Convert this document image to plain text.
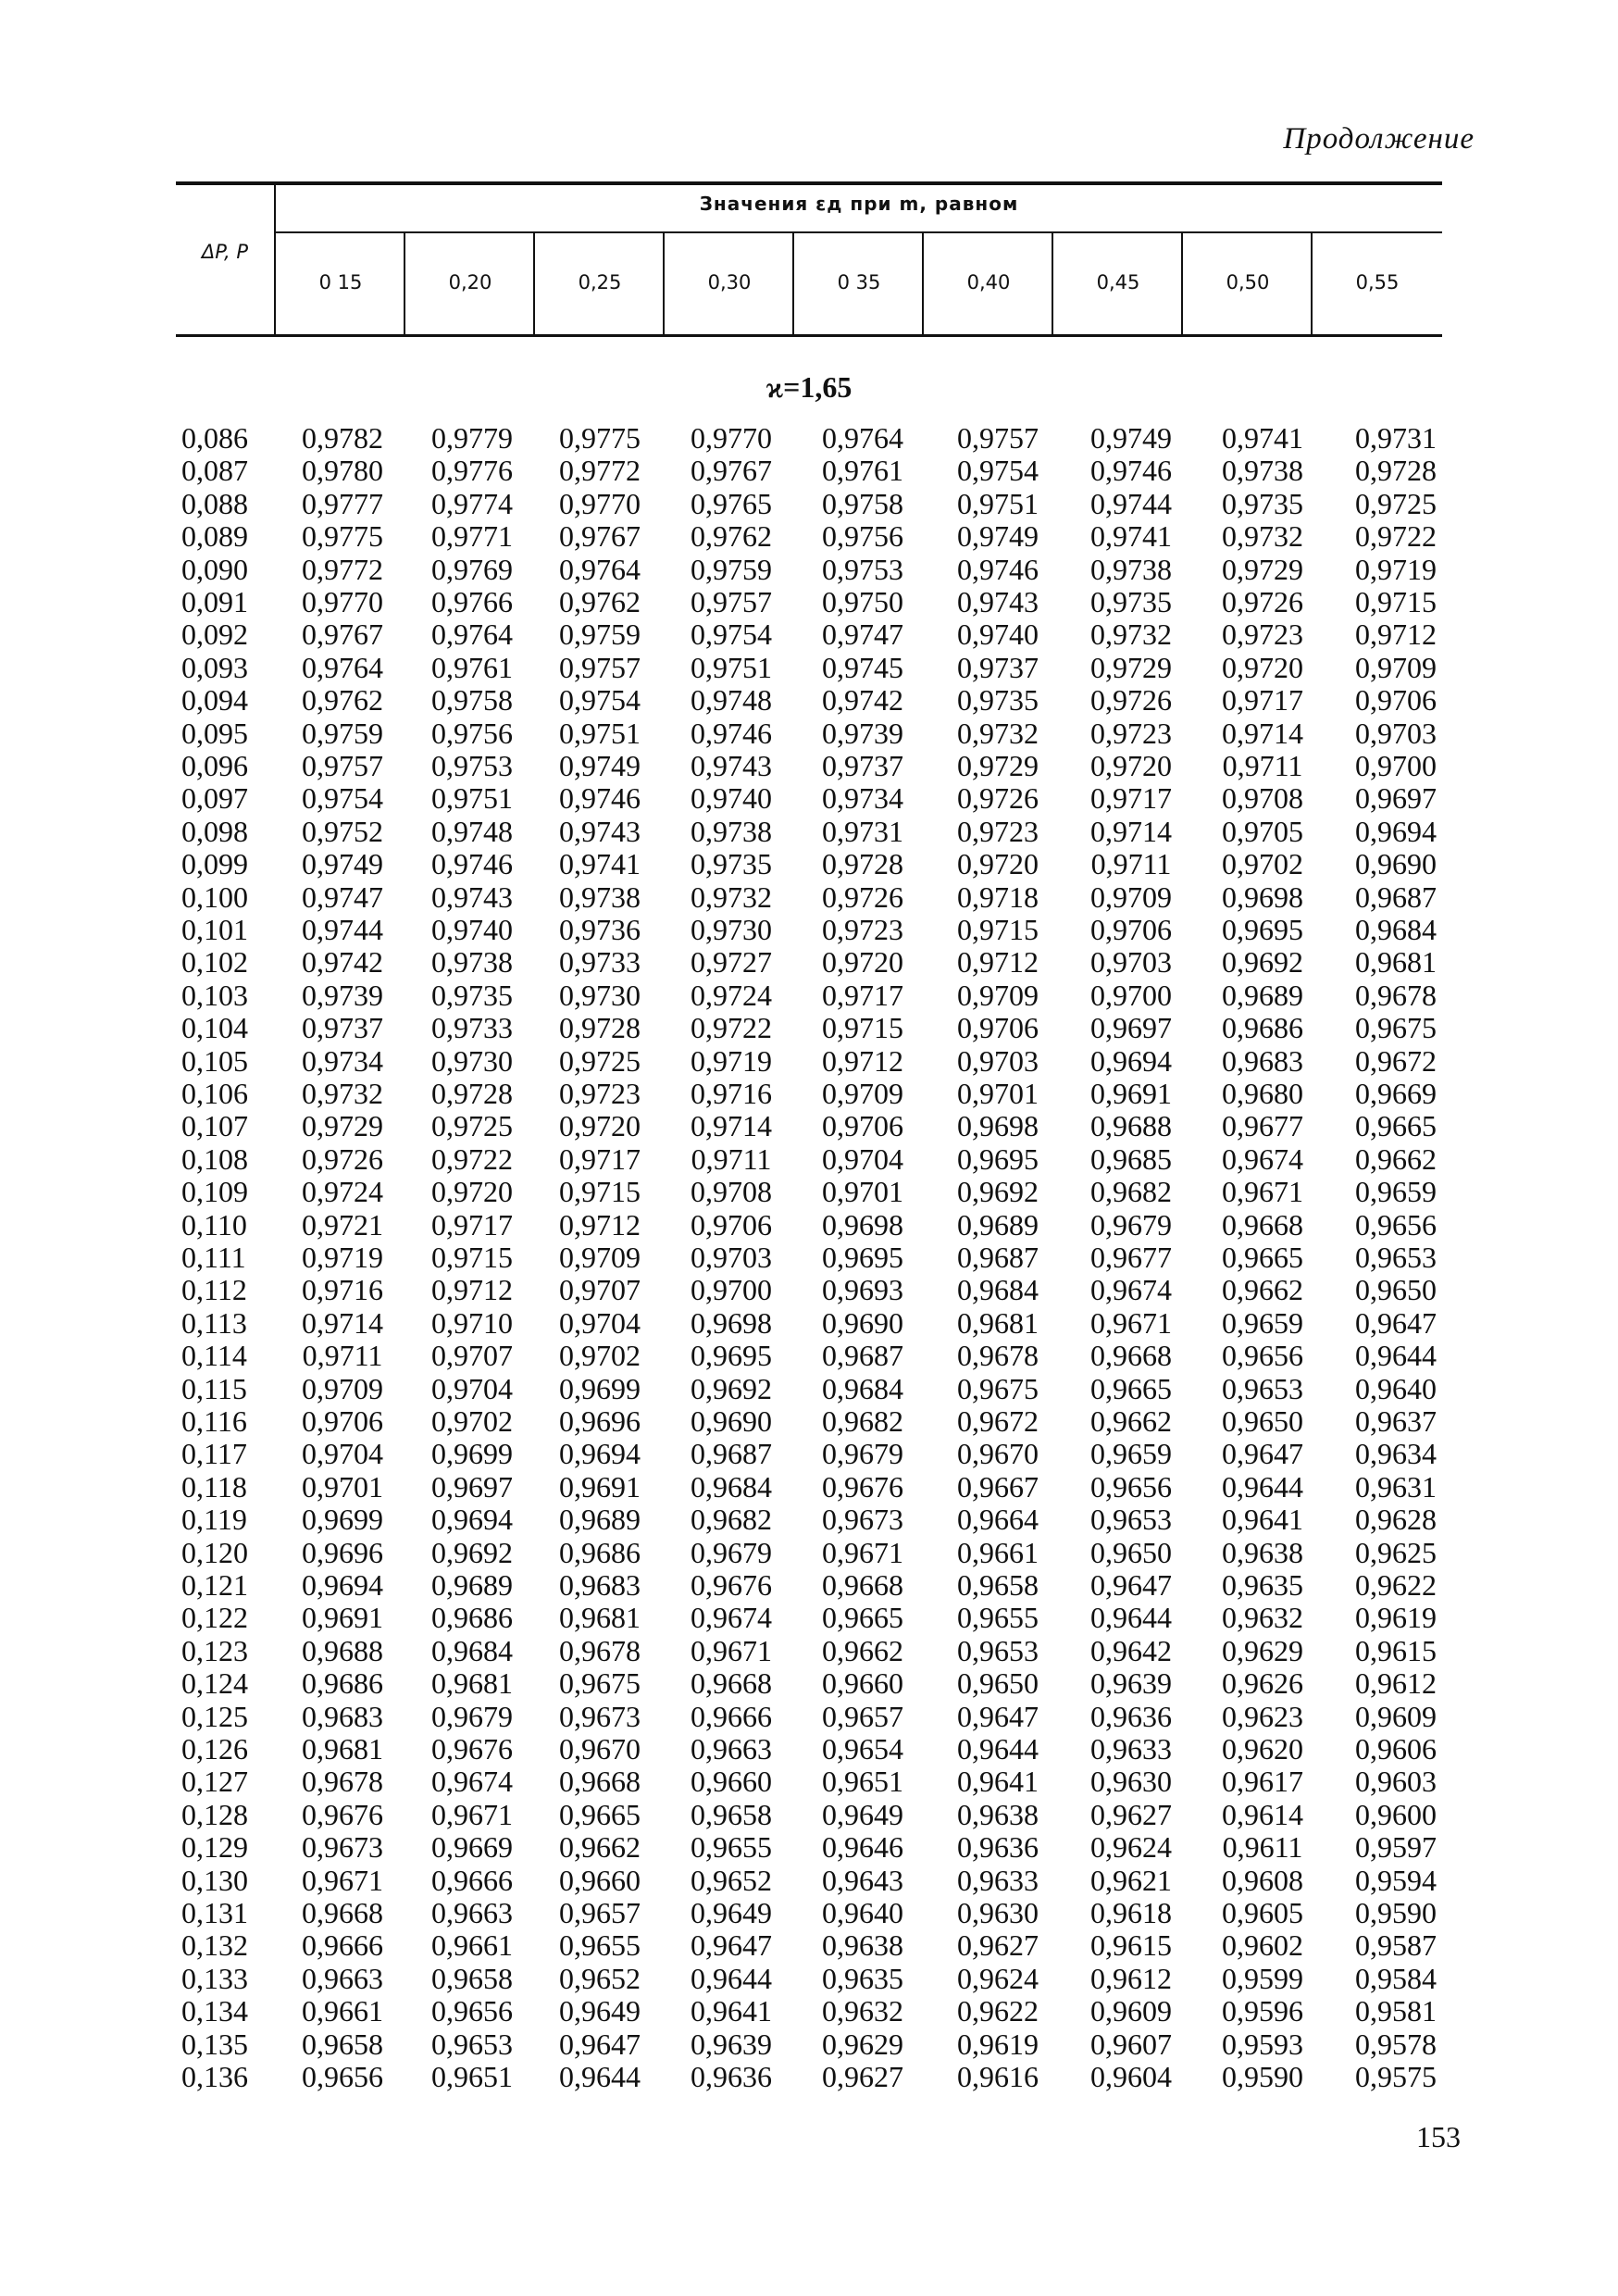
Продолжение
ΔP, P
Значения εд при m, равном
0 15	0,20	0,25	0,30	0 35	0,40	0,45	0,50	0,55
ϰ=1,65
0,086	0,9782	0,9779	0,9775	0,9770	0,9764	0,9757	0,9749	0,9741	0,9731
0,087	0,9780	0,9776	0,9772	0,9767	0,9761	0,9754	0,9746	0,9738	0,9728
0,088	0,9777	0,9774	0,9770	0,9765	0,9758	0,9751	0,9744	0,9735	0,9725
0,089	0,9775	0,9771	0,9767	0,9762	0,9756	0,9749	0,9741	0,9732	0,9722
0,090	0,9772	0,9769	0,9764	0,9759	0,9753	0,9746	0,9738	0,9729	0,9719
0,091	0,9770	0,9766	0,9762	0,9757	0,9750	0,9743	0,9735	0,9726	0,9715
0,092	0,9767	0,9764	0,9759	0,9754	0,9747	0,9740	0,9732	0,9723	0,9712
0,093	0,9764	0,9761	0,9757	0,9751	0,9745	0,9737	0,9729	0,9720	0,9709
0,094	0,9762	0,9758	0,9754	0,9748	0,9742	0,9735	0,9726	0,9717	0,9706
0,095	0,9759	0,9756	0,9751	0,9746	0,9739	0,9732	0,9723	0,9714	0,9703
0,096	0,9757	0,9753	0,9749	0,9743	0,9737	0,9729	0,9720	0,9711	0,9700
0,097	0,9754	0,9751	0,9746	0,9740	0,9734	0,9726	0,9717	0,9708	0,9697
0,098	0,9752	0,9748	0,9743	0,9738	0,9731	0,9723	0,9714	0,9705	0,9694
0,099	0,9749	0,9746	0,9741	0,9735	0,9728	0,9720	0,9711	0,9702	0,9690
0,100	0,9747	0,9743	0,9738	0,9732	0,9726	0,9718	0,9709	0,9698	0,9687
0,101	0,9744	0,9740	0,9736	0,9730	0,9723	0,9715	0,9706	0,9695	0,9684
0,102	0,9742	0,9738	0,9733	0,9727	0,9720	0,9712	0,9703	0,9692	0,9681
0,103	0,9739	0,9735	0,9730	0,9724	0,9717	0,9709	0,9700	0,9689	0,9678
0,104	0,9737	0,9733	0,9728	0,9722	0,9715	0,9706	0,9697	0,9686	0,9675
0,105	0,9734	0,9730	0,9725	0,9719	0,9712	0,9703	0,9694	0,9683	0,9672
0,106	0,9732	0,9728	0,9723	0,9716	0,9709	0,9701	0,9691	0,9680	0,9669
0,107	0,9729	0,9725	0,9720	0,9714	0,9706	0,9698	0,9688	0,9677	0,9665
0,108	0,9726	0,9722	0,9717	0,9711	0,9704	0,9695	0,9685	0,9674	0,9662
0,109	0,9724	0,9720	0,9715	0,9708	0,9701	0,9692	0,9682	0,9671	0,9659
0,110	0,9721	0,9717	0,9712	0,9706	0,9698	0,9689	0,9679	0,9668	0,9656
0,111	0,9719	0,9715	0,9709	0,9703	0,9695	0,9687	0,9677	0,9665	0,9653
0,112	0,9716	0,9712	0,9707	0,9700	0,9693	0,9684	0,9674	0,9662	0,9650
0,113	0,9714	0,9710	0,9704	0,9698	0,9690	0,9681	0,9671	0,9659	0,9647
0,114	0,9711	0,9707	0,9702	0,9695	0,9687	0,9678	0,9668	0,9656	0,9644
0,115	0,9709	0,9704	0,9699	0,9692	0,9684	0,9675	0,9665	0,9653	0,9640
0,116	0,9706	0,9702	0,9696	0,9690	0,9682	0,9672	0,9662	0,9650	0,9637
0,117	0,9704	0,9699	0,9694	0,9687	0,9679	0,9670	0,9659	0,9647	0,9634
0,118	0,9701	0,9697	0,9691	0,9684	0,9676	0,9667	0,9656	0,9644	0,9631
0,119	0,9699	0,9694	0,9689	0,9682	0,9673	0,9664	0,9653	0,9641	0,9628
0,120	0,9696	0,9692	0,9686	0,9679	0,9671	0,9661	0,9650	0,9638	0,9625
0,121	0,9694	0,9689	0,9683	0,9676	0,9668	0,9658	0,9647	0,9635	0,9622
0,122	0,9691	0,9686	0,9681	0,9674	0,9665	0,9655	0,9644	0,9632	0,9619
0,123	0,9688	0,9684	0,9678	0,9671	0,9662	0,9653	0,9642	0,9629	0,9615
0,124	0,9686	0,9681	0,9675	0,9668	0,9660	0,9650	0,9639	0,9626	0,9612
0,125	0,9683	0,9679	0,9673	0,9666	0,9657	0,9647	0,9636	0,9623	0,9609
0,126	0,9681	0,9676	0,9670	0,9663	0,9654	0,9644	0,9633	0,9620	0,9606
0,127	0,9678	0,9674	0,9668	0,9660	0,9651	0,9641	0,9630	0,9617	0,9603
0,128	0,9676	0,9671	0,9665	0,9658	0,9649	0,9638	0,9627	0,9614	0,9600
0,129	0,9673	0,9669	0,9662	0,9655	0,9646	0,9636	0,9624	0,9611	0,9597
0,130	0,9671	0,9666	0,9660	0,9652	0,9643	0,9633	0,9621	0,9608	0,9594
0,131	0,9668	0,9663	0,9657	0,9649	0,9640	0,9630	0,9618	0,9605	0,9590
0,132	0,9666	0,9661	0,9655	0,9647	0,9638	0,9627	0,9615	0,9602	0,9587
0,133	0,9663	0,9658	0,9652	0,9644	0,9635	0,9624	0,9612	0,9599	0,9584
0,134	0,9661	0,9656	0,9649	0,9641	0,9632	0,9622	0,9609	0,9596	0,9581
0,135	0,9658	0,9653	0,9647	0,9639	0,9629	0,9619	0,9607	0,9593	0,9578
0,136	0,9656	0,9651	0,9644	0,9636	0,9627	0,9616	0,9604	0,9590	0,9575
153
